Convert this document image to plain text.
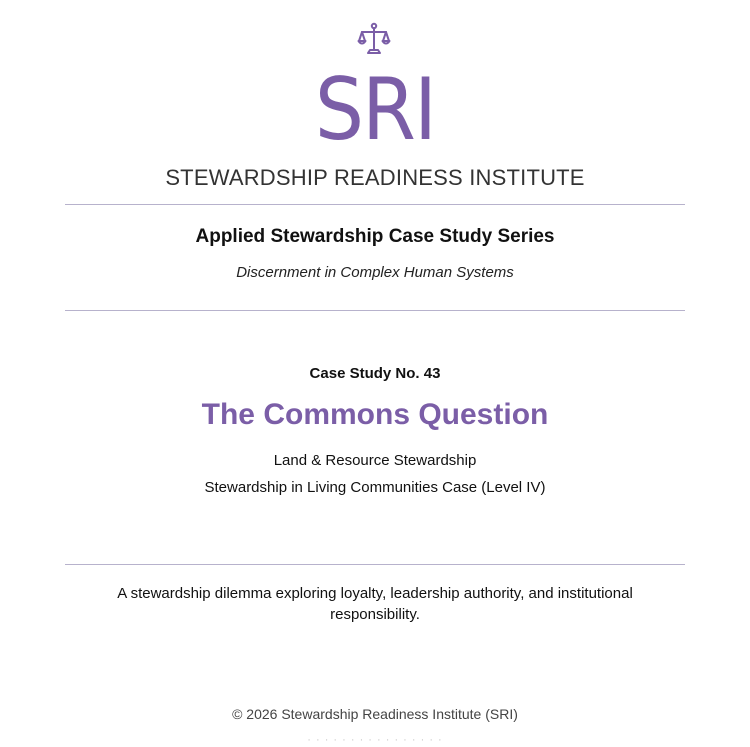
SRI
STEWARDSHIP READINESS INSTITUTE
Applied Stewardship Case Study Series
Discernment in Complex Human Systems
Case Study No. 43
The Commons Question
Land & Resource Stewardship
Stewardship in Living Communities Case (Level IV)
A stewardship dilemma exploring loyalty, leadership authority, and institutional responsibility.
© 2026 Stewardship Readiness Institute (SRI)
· · · · · · · · · · · · · · · ·
